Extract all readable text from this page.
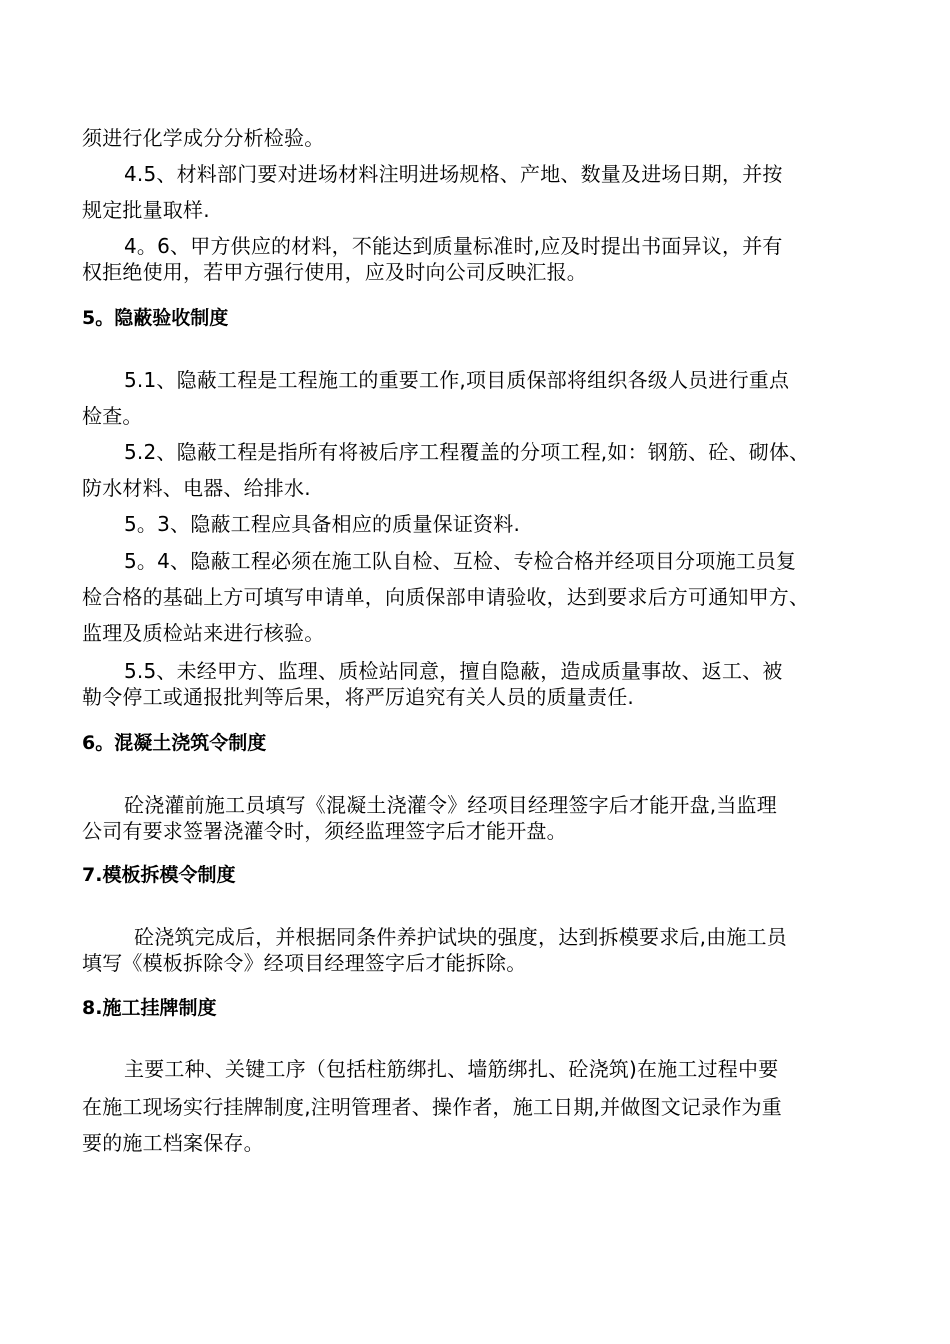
须进行化学成分分析检验。
4.5、材料部门要对进场材料注明进场规格、产地、数量及进场日期，并按
规定批量取样.
4。6、甲方供应的材料，不能达到质量标准时,应及时提出书面异议，并有
权拒绝使用，若甲方强行使用，应及时向公司反映汇报。
5。隐蔽验收制度
5.1、隐蔽工程是工程施工的重要工作,项目质保部将组织各级人员进行重点
检查。
5.2、隐蔽工程是指所有将被后序工程覆盖的分项工程,如：钢筋、砼、砌体、
防水材料、电器、给排水.
5。3、隐蔽工程应具备相应的质量保证资料.
5。4、隐蔽工程必须在施工队自检、互检、专检合格并经项目分项施工员复
检合格的基础上方可填写申请单，向质保部申请验收，达到要求后方可通知甲方、
监理及质检站来进行核验。
5.5、未经甲方、监理、质检站同意，擅自隐蔽，造成质量事故、返工、被
勒令停工或通报批判等后果，将严厉追究有关人员的质量责任.
6。混凝土浇筑令制度
砼浇灌前施工员填写《混凝土浇灌令》经项目经理签字后才能开盘,当监理
公司有要求签署浇灌令时，须经监理签字后才能开盘。
7.模板拆模令制度
砼浇筑完成后，并根据同条件养护试块的强度，达到拆模要求后,由施工员
填写《模板拆除令》经项目经理签字后才能拆除。
8.施工挂牌制度
主要工种、关键工序（包括柱筋绑扎、墙筋绑扎、砼浇筑)在施工过程中要
在施工现场实行挂牌制度,注明管理者、操作者，施工日期,并做图文记录作为重
要的施工档案保存。
